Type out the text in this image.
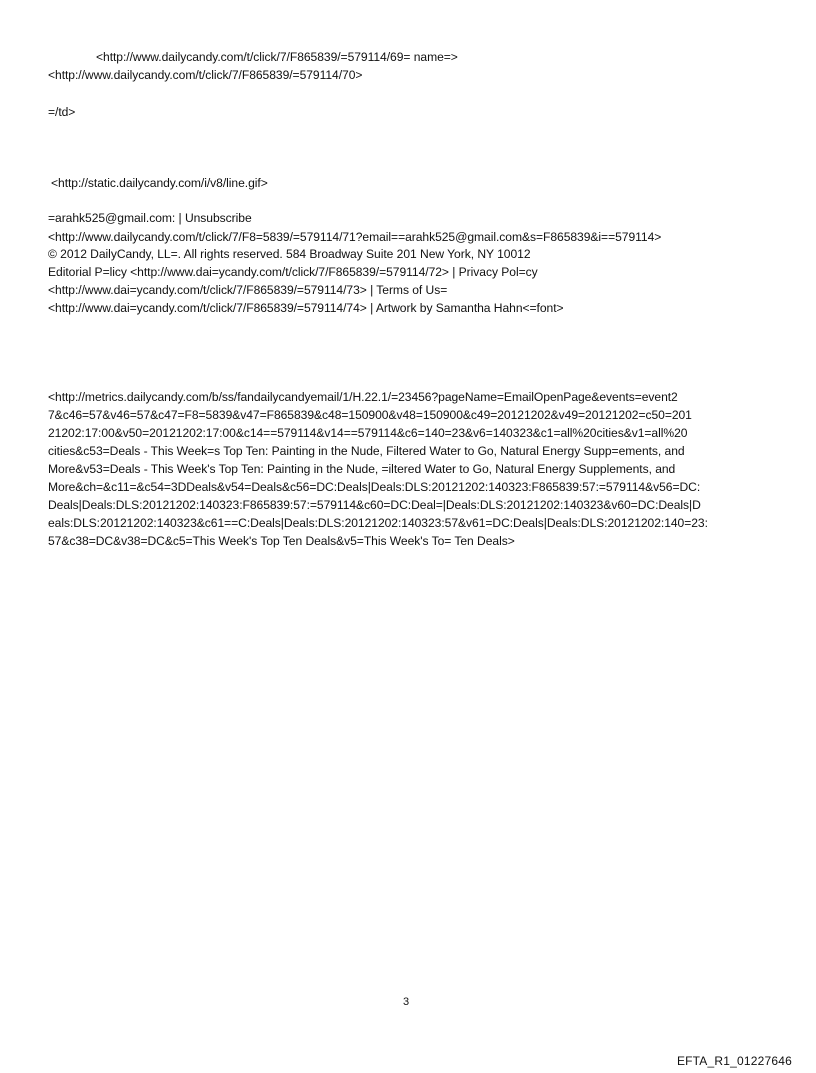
<http://www.dailycandy.com/t/click/7/F865839/=579114/69= name=>
<http://www.dailycandy.com/t/click/7/F865839/=579114/70>
=/td>
<http://static.dailycandy.com/i/v8/line.gif>
=arahk525@gmail.com: | Unsubscribe
<http://www.dailycandy.com/t/click/7/F8=5839/=579114/71?email==arahk525@gmail.com&s=F865839&i==579114>
© 2012 DailyCandy, LL=. All rights reserved. 584 Broadway Suite 201 New York, NY 10012
Editorial P=licy <http://www.dai=ycandy.com/t/click/7/F865839/=579114/72> | Privacy Pol=cy
<http://www.dai=ycandy.com/t/click/7/F865839/=579114/73> | Terms of Us=
<http://www.dai=ycandy.com/t/click/7/F865839/=579114/74> | Artwork by Samantha Hahn<=font>
<http://metrics.dailycandy.com/b/ss/fandailycandyemail/1/H.22.1/=23456?pageName=EmailOpenPage&events=event2
7&c46=57&v46=57&c47=F8=5839&v47=F865839&c48=150900&v48=150900&c49=20121202&v49=20121202=c50=201
21202:17:00&v50=20121202:17:00&c14==579114&v14==579114&c6=140=23&v6=140323&c1=all%20cities&v1=all%20
cities&c53=Deals - This Week=s Top Ten: Painting in the Nude, Filtered Water to Go, Natural Energy Supp=ements, and
More&v53=Deals - This Week's Top Ten: Painting in the Nude, =iltered Water to Go, Natural Energy Supplements, and
More&ch=&c11=&c54=3DDeals&v54=Deals&c56=DC:Deals|Deals:DLS:20121202:140323:F865839:57:=579114&v56=DC:
Deals|Deals:DLS:20121202:140323:F865839:57:=579114&c60=DC:Deal=|Deals:DLS:20121202:140323&v60=DC:Deals|D
eals:DLS:20121202:140323&c61==C:Deals|Deals:DLS:20121202:140323:57&v61=DC:Deals|Deals:DLS:20121202:140=23:
57&c38=DC&v38=DC&c5=This Week's Top Ten Deals&v5=This Week's To= Ten Deals>
3
EFTA_R1_01227646
